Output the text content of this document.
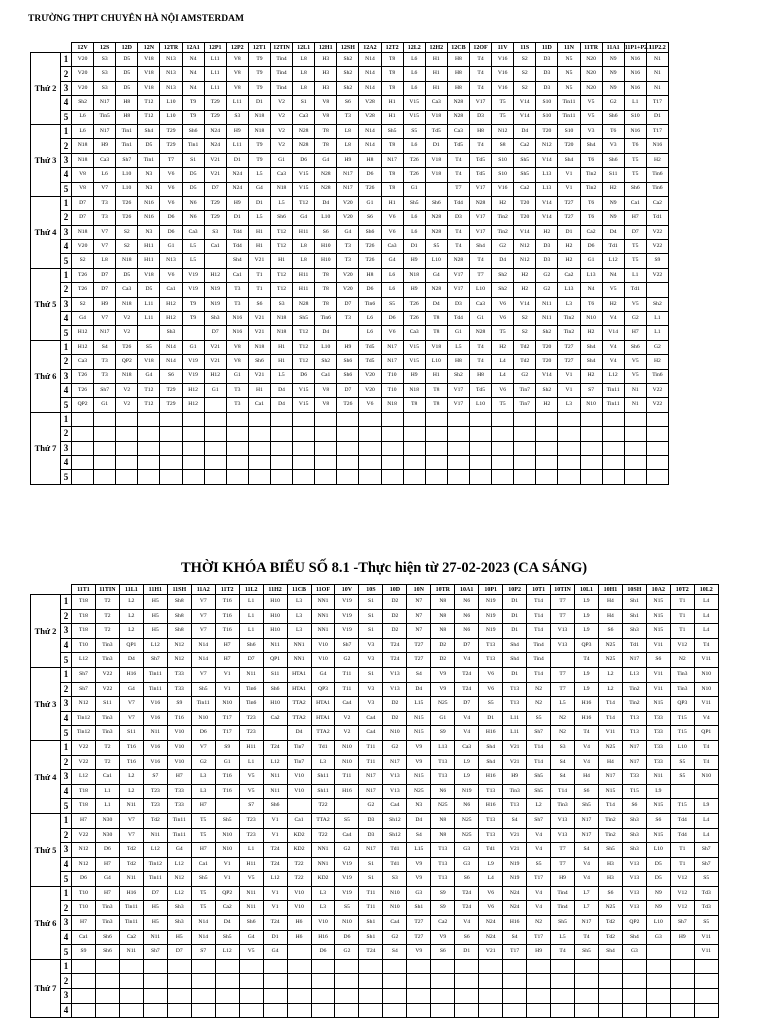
TRƯỜNG THPT CHUYÊN HÀ NỘI AMSTERDAM
		12V	12S	12D	12N	12TR	12A1	12P1	12P2	12T1	12TIN	12L1	12H1	12SH	12A2	12T2	12L2	12H2	12CB	12OF	11V	11S	11D	11N	11TR	11A1	11P1+P2.1	11P2.2
Thứ 2	1	V20	S3	D5	V18	N13	N4	L11	V8	T9	Tin4	L8	H3	Sh2	N14	T8	L6	H1	H8	T4	V16	S2	D3	N5	N20	N9	N16	N1
	2	V20	S3	D5	V18	N13	N4	L11	V8	T9	Tin4	L8	H3	Sh2	N14	T8	L6	H1	H8	T4	V16	S2	D3	N5	N20	N9	N16	N1
	3	V20	S3	D5	V18	N13	N4	L11	V8	T9	Tin4	L8	H3	Sh2	N14	T8	L6	H1	H8	T4	V16	S2	D3	N5	N20	N9	N16	N1
	4	Sh2	N17	H8	T12	L10	T9	T29	L11	D1	V2	S1	V8	S6	V28	H1	V15	Ca3	N28	V17	T5	V14	S10	Tin11	V5	G2	L1	T17
	5	L6	Tin5	H8	T12	L10	T9	T29	S3	N18	V2	Ca3	V8	T3	V28	H1	V15	V18	N28	D3	T5	V14	S10	Tin11	V5	Sh6	S10	D1
Thứ 3	1	L6	N17	Tin1	Sh4	T29	Sh6	N24	H9	N18	V2	N28	T8	L8	N14	Sh5	S5	Td5	Ca3	H8	N12	D4	T20	S10	V3	T6	N16	T17
	2	N18	H9	Tin1	D5	T29	Tin1	N24	L11	T9	V2	N28	T8	L8	N14	T8	L6	D1	Td5	T4	S8	Ca2	N12	T20	Sh4	V3	T6	N16
	3	N18	Ca3	Sh7	Tin1	T7	S1	V21	D1	T9	G1	D6	G4	H9	H8	N17	T26	V18	T4	Td5	S10	Sh5	V14	Sh4	T6	Sh6	T5	H2
	4	V8	L6	L10	N3	V6	D5	V21	N24	L5	Ca3	V15	N28	N17	D6	T8	T26	V18	T4	Td5	S10	Sh5	L13	V1	Tin2	S11	T5	Tin6
	5	V8	V7	L10	N3	V6	D5	D7	N24	G4	N18	V15	N28	N17	T26	T8	G1		T7	V17	V16	Ca2	L13	V1	Tin2	H2	Sh6	Tin6
Thứ 4	1	D7	T3	T26	N16	V6	N6	T29	H9	D1	L5	T12	D4	V20	G1	H1	Sh5	Sh6	Td4	N28	H2	T20	V14	T27	T6	N9	Ca1	Ca2
	2	D7	T3	T26	N16	D6	N6	T29	D1	L5	Sh6	G4	L10	V20	S6	V6	L6	N28	D3	V17	Tin2	T20	V14	T27	T6	N9	H7	Td1
	3	N18	V7	S2	N3	D6	Ca3	S3	Td4	H1	T12	H11	S6	G4	Sh6	V6	L6	N28	T4	V17	Tin2	V14	H2	D1	Ca2	D4	D7	V22
	4	V20	V7	S2	H11	G1	L5	Ca1	Td4	H1	T12	L8	H10	T3	T26	Ca3	D1	S5	T4	Sh4	G2	N12	D3	H2	D6	Td1	T5	V22
	5	S2	L8	N18	H11	N13	L5		Sh4	V21	H1	L8	H10	T3	T26	G4	H9	L10	N28	T4	D4	N12	D3	H2	G1	L12	T5	S9
Thứ 5	1	T26	D7	D5	V18	V6	V19	H12	Ca1	T1	T12	H11	T8	V20	H8	L6	N18	G4	V17	T7	Sh2	H2	G2	Ca2	L13	N4	L1	V22
	2	T26	D7	Ca3	D5	Ca1	V19	N19	T3	T1	T12	H11	T8	V20	D6	L6	H9	N28	V17	L10	Sh2	H2	G2	L13	N4	V5	Td1	
	3	S2	H9	N18	L11	H12	T9	N19	T3	S6	S3	N28	T8	D7	Tin6	S5	T26	D4	D3	Ca3	V6	V14	N11	L3	T6	H2	V5	Sh2
	4	G4	V7	V2	L11	H12	T9	Sh3	N16	V21	N18	Sh5	Tin6	T3	L6	D6	T26	T8	Td4	G1	V6	S2	N11	Tin2	N10	V4	G2	L1
	5	H12	N17	V2		Sh3		D7	N16	V21	N18	T12	D4		L6	V6	Ca3	T8	G1	N28	T5	S2	Sh2	Tin2	H2	V14	H7	L1
Thứ 6	1	H12	S4	T26	S5	N14	G1	V21	V8	N18	H1	T12	L10	H9	Td5	N17	V15	V18	L5	T4	H2	Td2	T20	T27	Sh4	V4	Sh6	G2
	2	Ca3	T3	QP2	V18	N14	V19	V21	V8	Sh6	H1	T12	Sh2	Sh6	Td5	N17	V15	L10	H8	T4	L4	Td2	T20	T27	Sh4	V4	V5	H2
	3	T26	T3	N18	G4	S6	V19	H12	G1	V21	L5	D6	Ca1	Sh6	V20	T10	H9	H1	Sh2	H8	L4	G2	V14	V1	H2	L12	V5	Tin6
	4	T26	Sh7	V2	T12	T29	H12	G1	T3	H1	D4	V15	V8	D7	V20	T10	N18	T8	V17	Td5	V6	Tin7	Sh2	V1	S7	Tin11	N1	V22
	5	QP2	G1	V2	T12	T29	H12		T3	Ca1	D4	V15	V8	T26	V6	N18	T8	T8	V17	L10	T5	Tin7	H2	L3	N10	Tin11	N1	V22
Thứ 7	1																											
	2																											
	3																											
	4																											
	5																											
THỜI KHÓA BIỂU SỐ 8.1 -Thực hiện từ 27-02-2023 (CA SÁNG)
		11T1	11TIN	11L1	11H1	11SH	11A2	11T2	11L2	11H2	11CB	11OF	10V	10S	10D	10N	10TR	10A1	10P1	10P2	10T1	10TIN	10L1	10H1	10SH	10A2	10T2	10L2
Thứ 2	1	T18	T2	L2	H5	Sh8	V7	T16	L1	H10	L3	NN1	V19	S1	D2	N7	N8	N6	N19	D1	T14	T7	L9	H4	Sh1	N15	T1	L4
	2	T18	T2	L2	H5	Sh8	V7	T16	L1	H10	L3	NN1	V19	S1	D2	N7	N8	N6	N19	D1	T14	T7	L9	H4	Sh1	N15	T1	L4
	3	T18	T2	L2	H5	Sh8	V7	T16	L1	H10	L3	NN1	V19	S1	D2	N7	N8	N6	N19	D1	T14	V13	L9	S6	Sh3	N15	T1	L4
	4	T10	Tin3	QP1	L12	N12	N14	H7	Sh6	N11	NN1	V10	Sh7	V3	T24	T27	D2	D7	T13	Sh4	Tin4	V13	QP3	N25	Td1	V11	V12	T4
	5	L12	Tin3	D4	Sh7	N12	N14	H7	D7	QP1	NN1	V10	G2	V3	T24	T27	D2	V4	T13	Sh4	Tin4		T4	N25	N17	S6	N2	V11
Thứ 3	1	Sh7	V22	H16	Tin11	T33	V7	V1	N11	S11	HTA1	G4	T11	S1	V13	S4	V9	T24	V6	D1	T14	T7	L9	L2	L13	V11	Tin3	N10
	2	Sh7	V22	G4	Tin11	T33	Sh5	V1	Tin6	Sh6	HTA1	QP3	T11	V3	V13	D4	V9	T24	V6	T13	N2	T7	L9	L2	Tin2	V11	Tin3	N10
	3	N12	S11	V7	V16	S9	Tin11	N10	Tin6	H10	TTA2	HTA1	Ca4	V3	D2	L15	N25	D7	S5	T13	N2	L5	H16	T14	Tin2	N15	QP3	V11
	4	Tin12	Tin3	V7	V16	T16	N10	T17	T23	Ca2	TTA2	HTA1	V2	Ca4	D2	N15	G1	V4	D1	L11	S5	N2	H16	T14	T13	T33	T15	V4
	5	Tin12	Tin3	S11	N11	V10	D6	T17	T23		D4	TTA2	V2	Ca4	N10	N15	S9	V4	H16	L11	Sh7	N2	T4	V11	T13	T33	T15	QP1
Thứ 4	1	V22	T2	T16	V16	V10	V7	S9	H11	T24	Tin7	Td1	N10	T11	G2	V9	L13	Ca3	Sh4	V21	T14	S3	V4	N25	N17	T33	L10	T4
	2	V22	T2	T16	V16	V10	G2	G1	L1	L12	Tin7	L3	N10	T11	N17	V9	T13	L9	Sh4	V21	T14	S4	V4	H4	N17	T33	S5	T4
	3	L12	Ca1	L2	S7	H7	L3	T16	V5	N11	V10	Sh11	T11	N17	V13	N15	T13	L9	H16	H9	Sh5	S4	H4	N17	T33	N11	S5	N10
	4	T18	L1	L2	T23	T33	L3	T16	V5	N11	V10	Sh11	H16	N17	V13	N25	N6	N19	T13	Tin3	Sh5	T14	S6	N15	T15	L9		
	5	T18	L1	N11	T23	T33	H7		S7	Sh6		T22		G2	Ca4	N3	N25	N6	H16	T13	L2	Tin3	Sh5	T14	S6	N15	T15	L9
Thứ 5	1	H7	N30	V7	Td2	Tin11	T5	Sh5	T23	V1	Ca1	TTA2	S5	D3	Sh12	D4	N8	N25	T13	S4	Sh7	V13	N17	Tin2	Sh3	S6	Td4	L4
	2	V22	N30	V7	N11	Tin11	T5	N10	T23	V1	KD2	T22	Ca4	D3	Sh12	S4	N8	N25	T13	V21	V4	V13	N17	Tin2	Sh3	N15	Td4	L4
	3	N12	D6	Td2	L12	G4	H7	N10	L1	T24	KD2	NN1	G2	N17	Td1	L15	T13	G3	Td1	V21	V4	T7	S4	Sh5	Sh3	L10	T1	Sh7
	4	N12	H7	Td2	Tin12	L12	Ca1	V1	H11	T24	T22	NN1	V19	S1	Td1	V9	T13	G3	L9	N19	S5	T7	V4	H3	V13	D5	T1	Sh7
	5	D6	G4	N11	Tin11	N12	Sh5	V1	V5	L12	T22	KD2	V19	S1	S3	V9	T13	S6	L4	N19	T17	H9	V4	H3	V13	D5	V12	S5
Thứ 6	1	T10	H7	H16	D7	L12	T5	QP2	N11	V1	V10	L3	V19	T11	N10	G3	S9	T24	V6	N24	V4	Tin4	L7	S6	V13	N9	V12	Td3
	2	T10	Tin3	Tin11	H5	Sh3	T5	Ca2	N11	V1	V10	L3	S5	T11	N10	Sh1	S9	T24	V6	N24	V4	Tin4	L7	N25	V13	N9	V12	Td3
	3	H7	Tin3	Tin11	H5	Sh3	N14	D4	Sh6	T24	H6	V10	N10	Sh1	Ca4	T27	Ca2	V4	N24	H16	N2	Sh5	N17	Td2	QP2	L10	Sh7	S5
	4	Ca1	Sh6	Ca2	N11	H5	N14	Sh5	G4	D1	H6	H16	D6	Sh1	G2	T27	V9	S6	N24	S4	T17	L5	T4	Td2	Sh4	G3	H9	V11
	5	S9	Sh6	N11	Sh7	D7	S7	L12	V5	G4		D6	G2	T24	S4	V9	S6	D1	V21	T17	H9	T4	Sh5	Sh4	G3			V11
Thứ 7	1																											
	2																											
	3																											
	4																											
